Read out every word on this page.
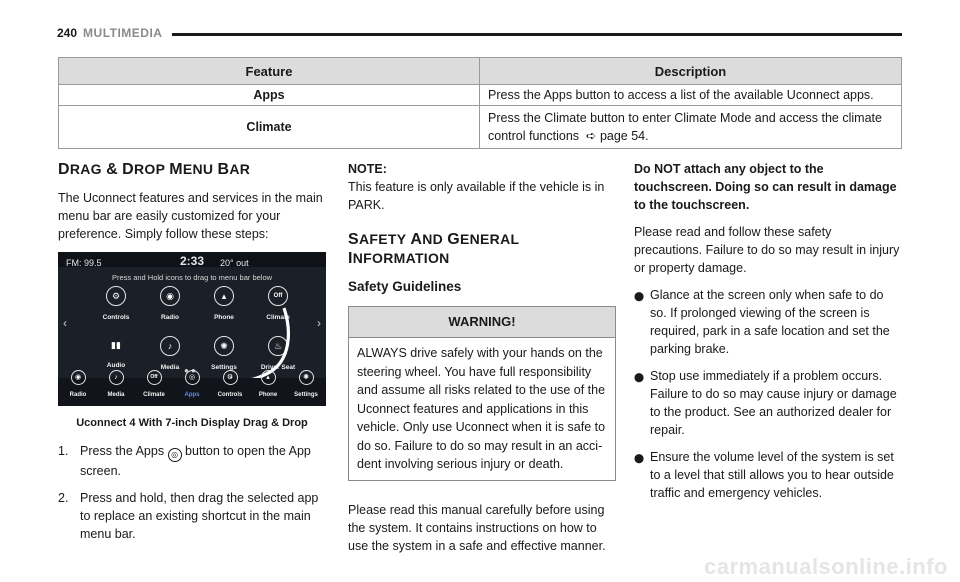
240 MULTIMEDIA
Feature	Description
Apps	Press the Apps button to access a list of the available Uconnect apps.
Climate	Press the Climate button to enter Climate Mode and access the climate
control functions ➪ page 54.
DRAG & DROP MENU BAR

The Uconnect features and services in the main menu bar are easily customized for your preference. Simply follow these steps:

FM: 99.5	2:33 20° out
Press and Hold icons to drag to menu bar below
⚙
Controls
◉
Radio
▴
Phone
Off
Climate
▮▮
Audio
♪
Media
✺
Settings
♨
Driver Seat
‹	›
● ●
◉
Radio
♪
Media
Off
Climate
◎
Apps
⚙
Controls
▴
Phone
✺
Settings
Uconnect 4 With 7-inch Display Drag & Drop
1. Press the Apps ◎ button to open the App screen.
2. Press and hold, then drag the selected app to replace an existing shortcut in the main menu bar.

NOTE:
This feature is only available if the vehicle is in PARK.

SAFETY AND GENERAL INFORMATION
Safety Guidelines
WARNING!
ALWAYS drive safely with your hands on the steering wheel. You have full responsibility and assume all risks related to the use of the Uconnect features and applications in this vehicle. Only use Uconnect when it is safe to do so. Failure to do so may result in an acci-dent involving serious injury or death.

Please read this manual carefully before using the system. It contains instructions on how to use the system in a safe and effective manner.

Do NOT attach any object to the touchscreen. Doing so can result in damage to the touchscreen.

Please read and follow these safety precautions. Failure to do so may result in injury or property damage.

⬤ Glance at the screen only when safe to do so. If prolonged viewing of the screen is required, park in a safe location and set the parking brake.
⬤ Stop use immediately if a problem occurs. Failure to do so may cause injury or damage to the product. See an authorized dealer for repair.
⬤ Ensure the volume level of the system is set to a level that still allows you to hear outside traffic and emergency vehicles.
carmanualsonline.info
